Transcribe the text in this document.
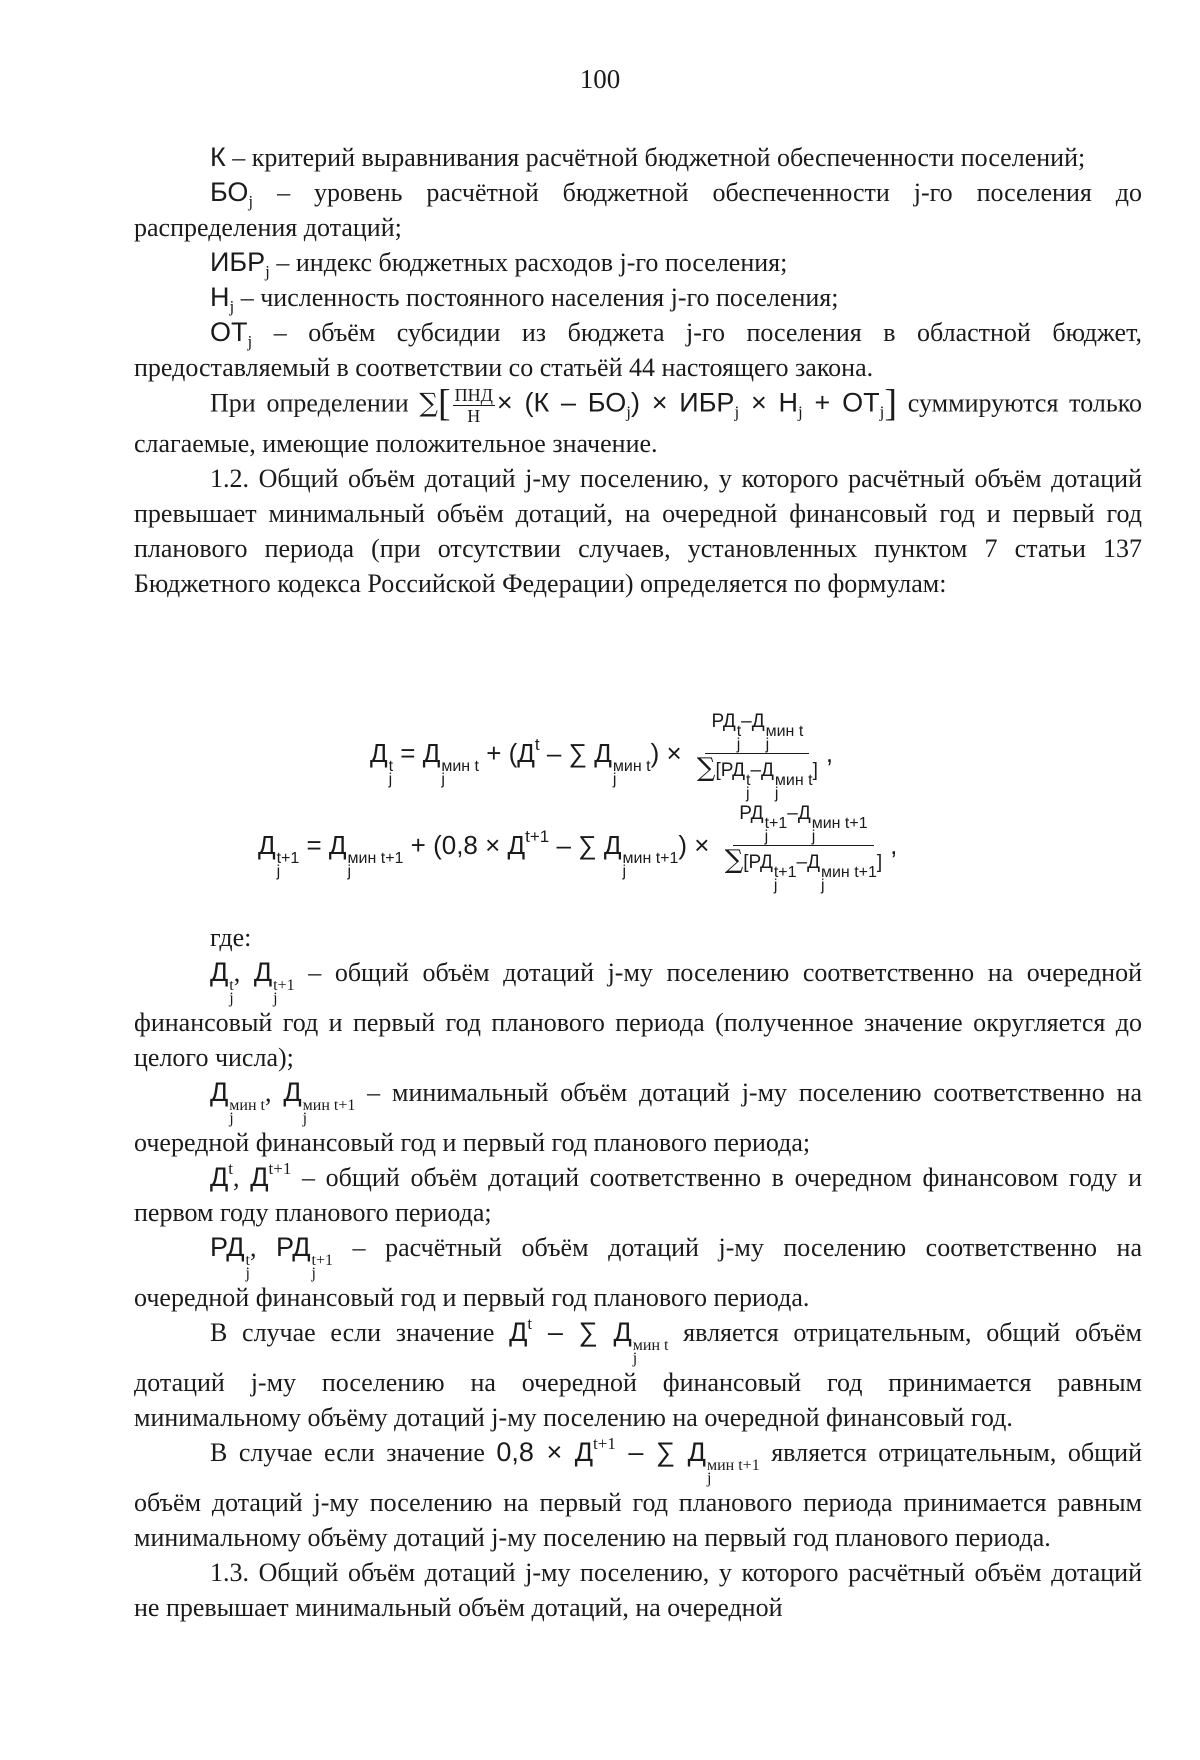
100

К – критерий выравнивания расчётной бюджетной обеспеченности поселений;

$БО_j$ – уровень расчётной бюджетной обеспеченности j-го поселения до распределения дотаций;

$ИБР_j$ – индекс бюджетных расходов j-го поселения;

$Н_j$ – численность постоянного населения j-го поселения;

$ОТ_j$ – объём субсидии из бюджета j-го поселения в областной бюджет, предоставляемый в соответствии со статьёй 44 настоящего закона.

При определении ∑[ $\frac{\text{ПНД}}{Н} \times (К - БО_j) \times ИБР_j \times Н_j + ОТ_j$] суммируются только слагаемые, имеющие положительное значение.

1.2. Общий объём дотаций j-му поселению, у которого расчётный объём дотаций превышает минимальный объём дотаций, на очередной финансовый год и первый год планового периода (при отсутствии случаев, установленных пунктом 7 статьи 137 Бюджетного кодекса Российской Федерации) определяется по формулам:

Д t
j
= Д мин t
j
+ ($Д^t$ – ∑ Д мин t
j
) × РД t
j
–Д мин t
j
∑[РД t
j
–Д мин t
j
] ,
Д t+1
j
= Д мин t+1
j
+ ($0,8 \times Д^{t+1}$ – ∑ Д мин t+1
j
) × РД t+1
j
–Д мин t+1
j
∑[РД t+1
j
–Д мин t+1
j
] ,

где:

Д t
j
, Д t+1
j
– общий объём дотаций j-му поселению соответственно на очередной финансовый год и первый год планового периода (полученное значение округляется до целого числа);

Д мин t
j
, Д мин t+1
j
– минимальный объём дотаций j-му поселению соответственно на очередной финансовый год и первый год планового периода;

$Д^t$, $Д^{t+1}$ – общий объём дотаций соответственно в очередном финансовом году и первом году планового периода;

РД t
j
, РД t+1
j
– расчётный объём дотаций j-му поселению соответственно на очередной финансовый год и первый год планового периода.

В случае если значение $Д^t$ – ∑ Д мин t
j
является отрицательным, общий объём дотаций j-му поселению на очередной финансовый год принимается равным минимальному объёму дотаций j-му поселению на очередной финансовый год.

В случае если значение $0,8 \times Д^{t+1}$ – ∑ Д мин t+1
j
является отрицательным, общий объём дотаций j-му поселению на первый год планового периода принимается равным минимальному объёму дотаций j-му поселению на первый год планового периода.

1.3. Общий объём дотаций j-му поселению, у которого расчётный объём дотаций не превышает минимальный объём дотаций, на очередной
